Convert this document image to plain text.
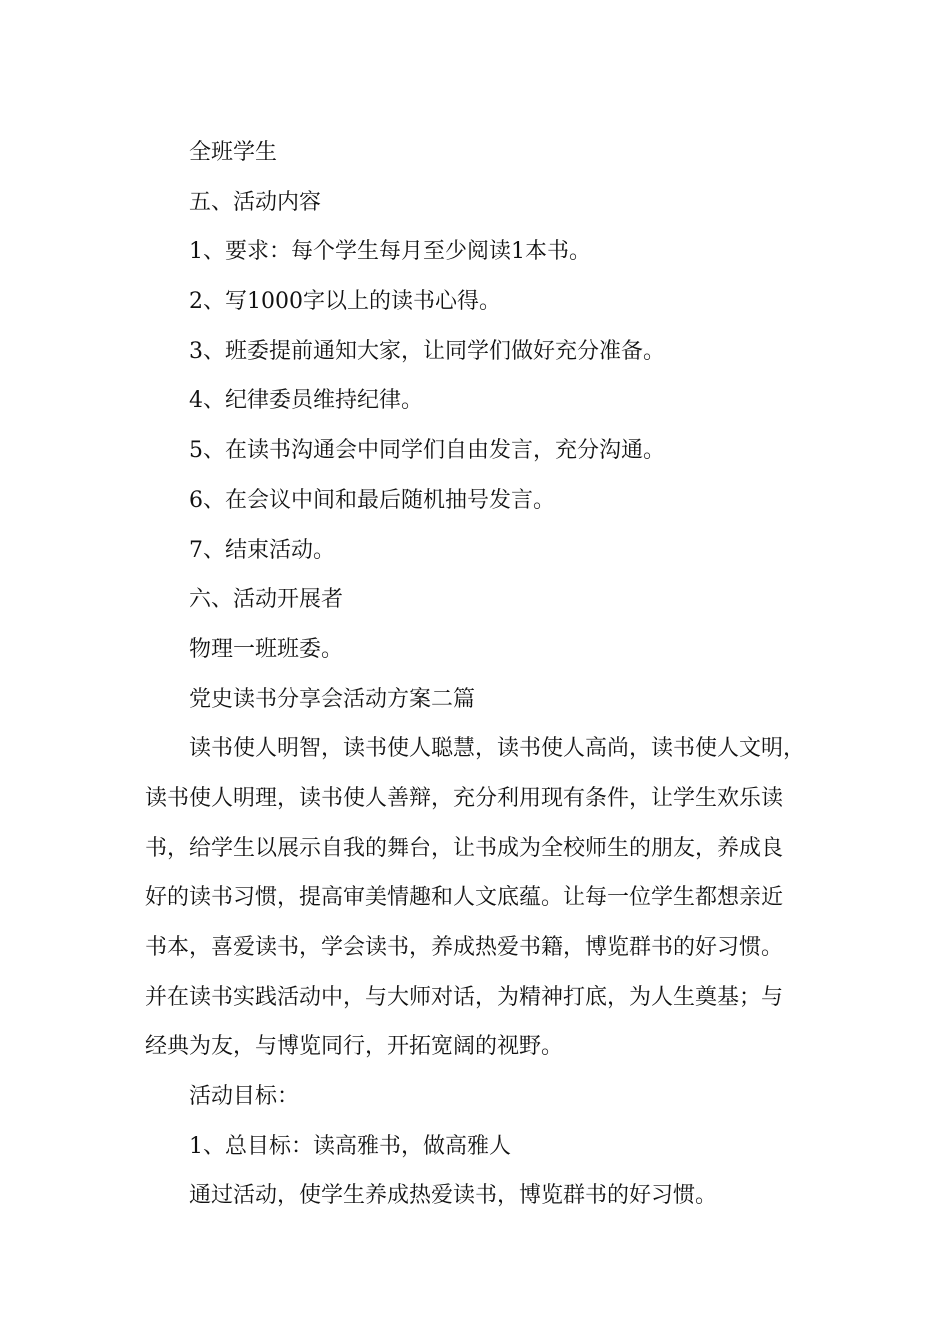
全班学生
五、活动内容
1、要求：每个学生每月至少阅读1本书。
2、写1000字以上的读书心得。
3、班委提前通知大家，让同学们做好充分准备。
4、纪律委员维持纪律。
5、在读书沟通会中同学们自由发言，充分沟通。
6、在会议中间和最后随机抽号发言。
7、结束活动。
六、活动开展者
物理一班班委。
党史读书分享会活动方案二篇
读书使人明智，读书使人聪慧，读书使人高尚，读书使人文明，
读书使人明理，读书使人善辩，充分利用现有条件，让学生欢乐读
书，给学生以展示自我的舞台，让书成为全校师生的朋友，养成良
好的读书习惯，提高审美情趣和人文底蕴。让每一位学生都想亲近
书本，喜爱读书，学会读书，养成热爱书籍，博览群书的好习惯。
并在读书实践活动中，与大师对话，为精神打底，为人生奠基；与
经典为友，与博览同行，开拓宽阔的视野。
活动目标：
1、总目标：读高雅书，做高雅人
通过活动，使学生养成热爱读书，博览群书的好习惯。
